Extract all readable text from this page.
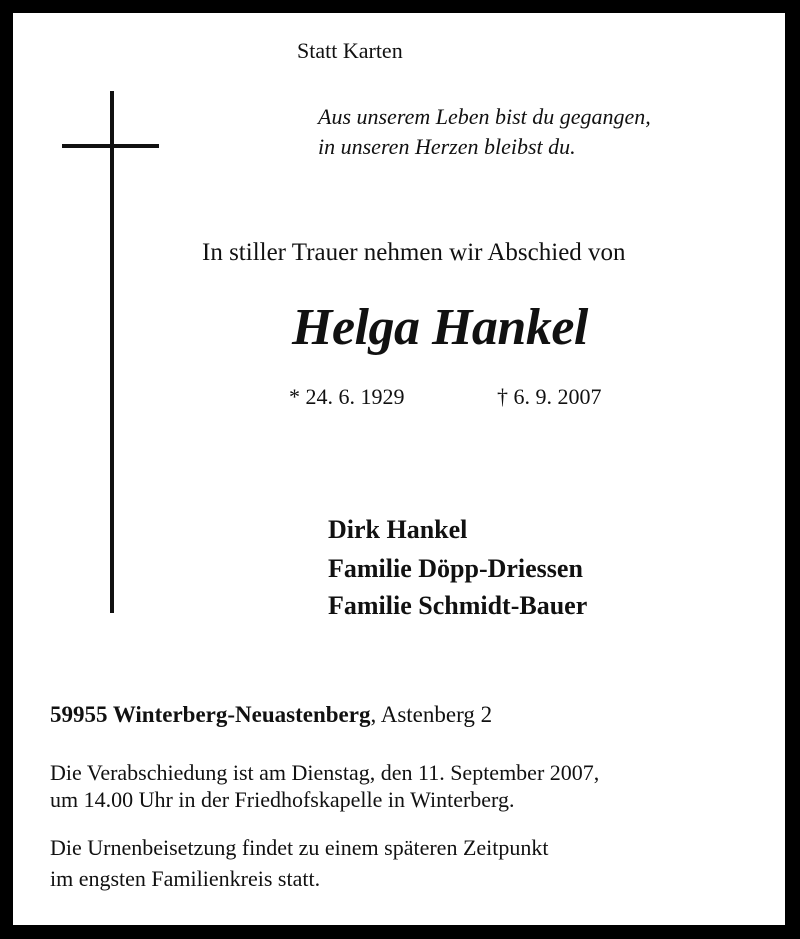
Statt Karten
Aus unserem Leben bist du gegangen,
in unseren Herzen bleibst du.
In stiller Trauer nehmen wir Abschied von
Helga Hankel
* 24. 6. 1929	† 6. 9. 2007
Dirk Hankel
Familie Döpp-Driessen
Familie Schmidt-Bauer
59955 Winterberg-Neuastenberg, Astenberg 2
Die Verabschiedung ist am Dienstag, den 11. September 2007,
um 14.00 Uhr in der Friedhofskapelle in Winterberg.
Die Urnenbeisetzung findet zu einem späteren Zeitpunkt
im engsten Familienkreis statt.
